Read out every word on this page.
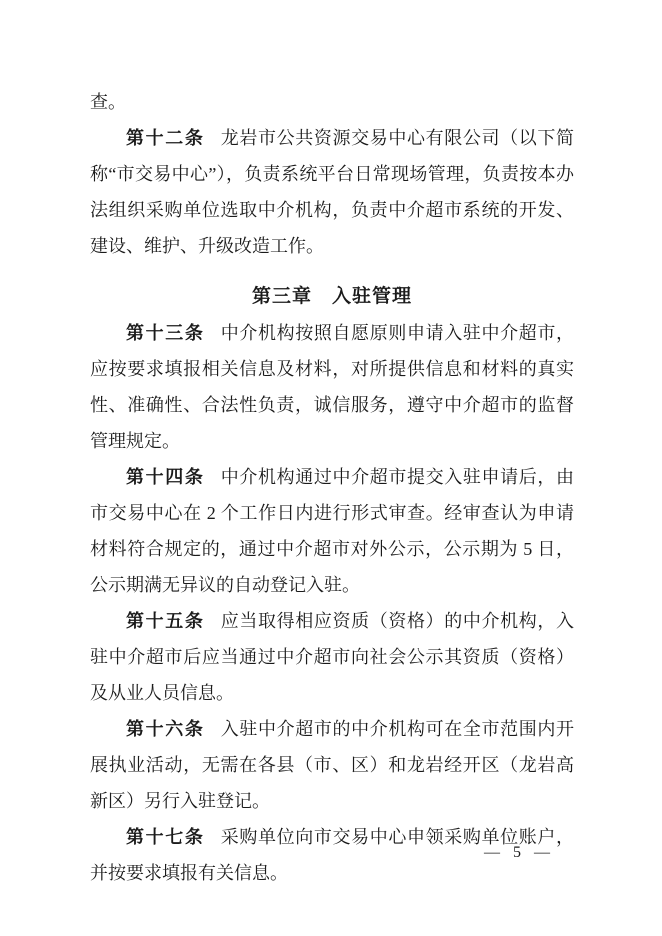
查。

第十二条 龙岩市公共资源交易中心有限公司（以下简称“市交易中心”），负责系统平台日常现场管理，负责按本办法组织采购单位选取中介机构，负责中介超市系统的开发、建设、维护、升级改造工作。

第三章　入驻管理

第十三条 中介机构按照自愿原则申请入驻中介超市，应按要求填报相关信息及材料，对所提供信息和材料的真实性、准确性、合法性负责，诚信服务，遵守中介超市的监督管理规定。

第十四条 中介机构通过中介超市提交入驻申请后，由市交易中心在 2 个工作日内进行形式审查。经审查认为申请材料符合规定的，通过中介超市对外公示，公示期为 5 日，公示期满无异议的自动登记入驻。

第十五条 应当取得相应资质（资格）的中介机构，入驻中介超市后应当通过中介超市向社会公示其资质（资格）及从业人员信息。

第十六条 入驻中介超市的中介机构可在全市范围内开展执业活动，无需在各县（市、区）和龙岩经开区（龙岩高新区）另行入驻登记。

第十七条 采购单位向市交易中心申领采购单位账户，并按要求填报有关信息。

— 5 —
